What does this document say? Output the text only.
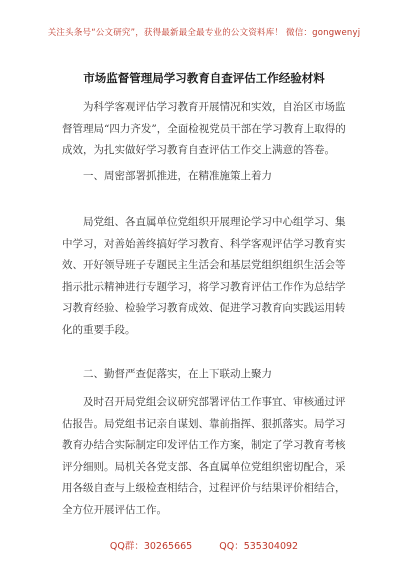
关注头条号“公文研究”，获得最新最全最专业的公文资料库！ 微信：gongwenyj
市场监督管理局学习教育自查评估工作经验材料

为科学客观评估学习教育开展情况和实效，自治区市场监督管理局“四力齐发”，全面检视党员干部在学习教育上取得的成效，为扎实做好学习教育自查评估工作交上满意的答卷。

一、周密部署抓推进，在精准施策上着力

局党组、各直属单位党组织开展理论学习中心组学习、集中学习，对善始善终搞好学习教育、科学客观评估学习教育实效、开好领导班子专题民主生活会和基层党组织组织生活会等指示批示精神进行专题学习，将学习教育评估工作作为总结学习教育经验、检验学习教育成效、促进学习教育向实践运用转化的重要手段。

二、勤督严查促落实，在上下联动上聚力

及时召开局党组会议研究部署评估工作事宜、审核通过评估报告。局党组书记亲自谋划、靠前指挥、狠抓落实。局学习教育办结合实际制定印发评估工作方案，制定了学习教育考核评分细则。局机关各党支部、各直属单位党组织密切配合，采用各级自查与上级检查相结合，过程评价与结果评价相结合，全方位开展评估工作。

QQ群：30265665	QQ：535304092
